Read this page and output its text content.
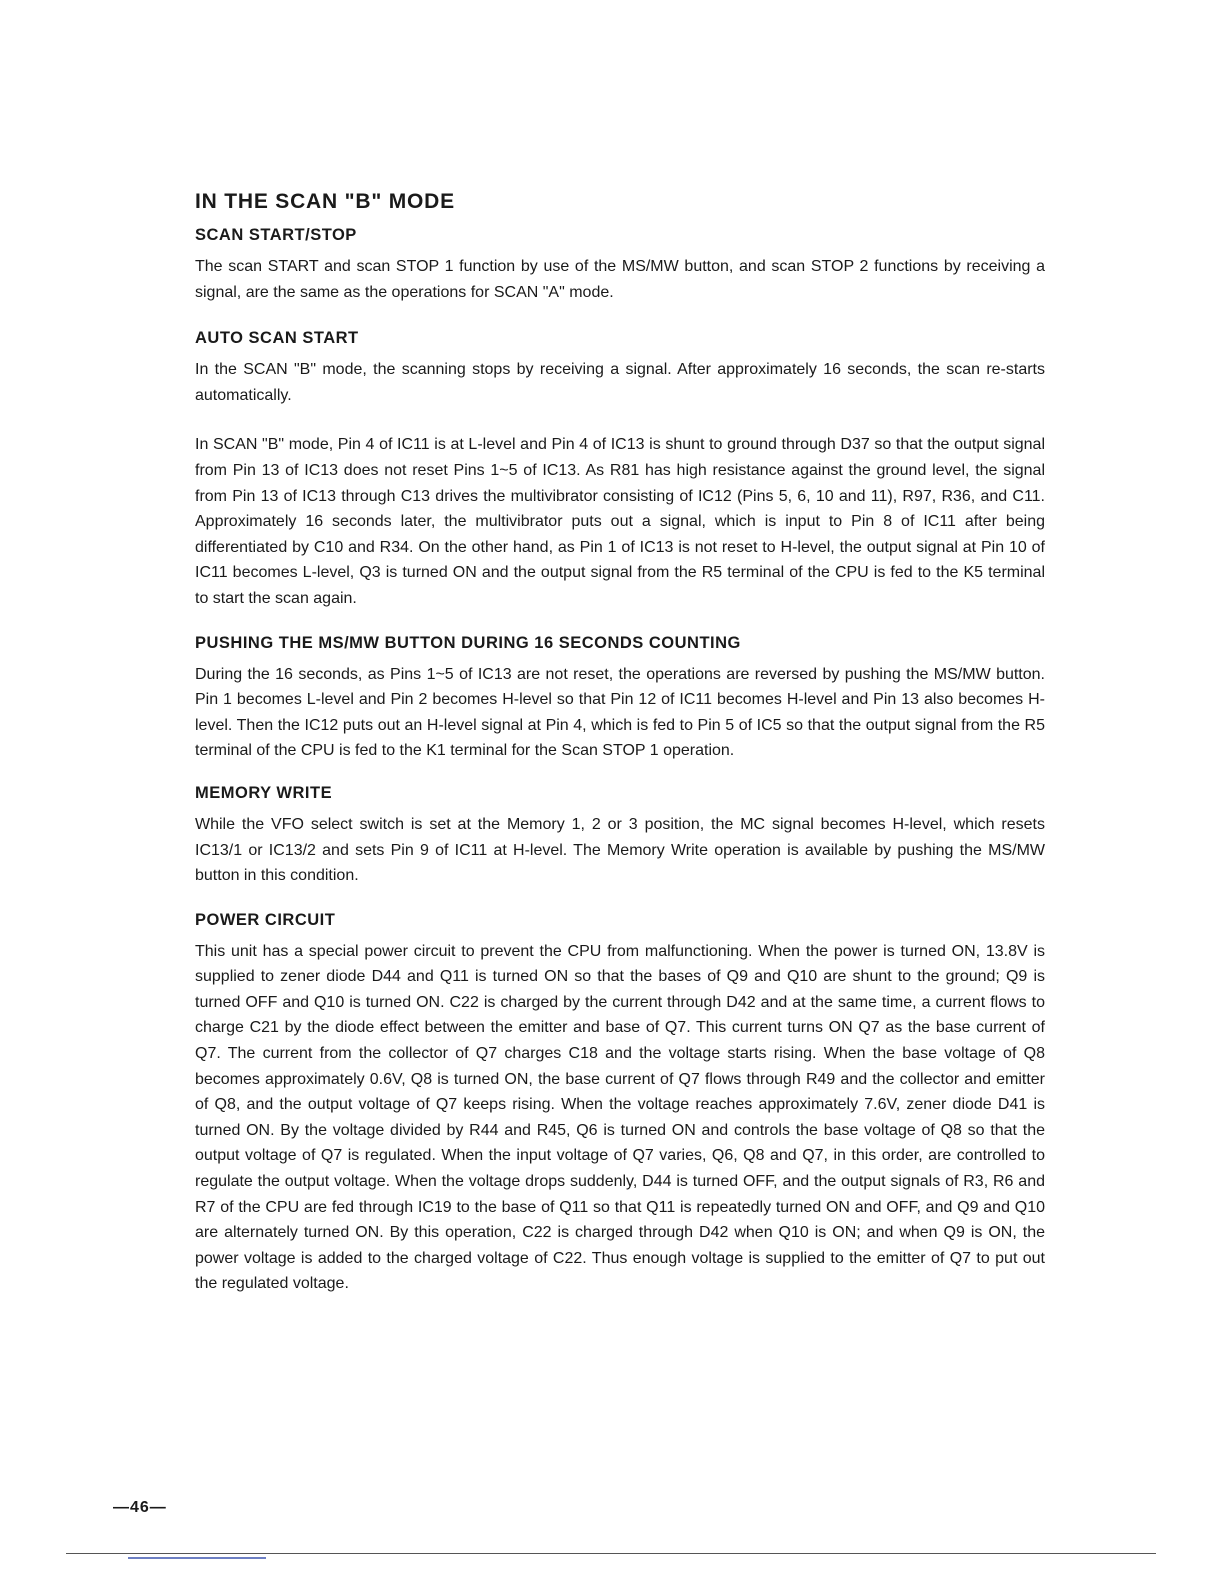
IN THE SCAN "B" MODE
SCAN START/STOP

The scan START and scan STOP 1 function by use of the MS/MW button, and scan STOP 2 functions by receiving a signal, are the same as the operations for SCAN "A" mode.

AUTO SCAN START

In the SCAN "B" mode, the scanning stops by receiving a signal. After approximately 16 seconds, the scan re-starts automatically.

In SCAN "B" mode, Pin 4 of IC11 is at L-level and Pin 4 of IC13 is shunt to ground through D37 so that the output signal from Pin 13 of IC13 does not reset Pins 1~5 of IC13. As R81 has high resistance against the ground level, the signal from Pin 13 of IC13 through C13 drives the multivibrator consisting of IC12 (Pins 5, 6, 10 and 11), R97, R36, and C11. Approximately 16 seconds later, the multivibrator puts out a signal, which is input to Pin 8 of IC11 after being differentiated by C10 and R34. On the other hand, as Pin 1 of IC13 is not reset to H-level, the output signal at Pin 10 of IC11 becomes L-level, Q3 is turned ON and the output signal from the R5 terminal of the CPU is fed to the K5 terminal to start the scan again.

PUSHING THE MS/MW BUTTON DURING 16 SECONDS COUNTING

During the 16 seconds, as Pins 1~5 of IC13 are not reset, the operations are reversed by pushing the MS/MW button. Pin 1 becomes L-level and Pin 2 becomes H-level so that Pin 12 of IC11 becomes H-level and Pin 13 also becomes H-level. Then the IC12 puts out an H-level signal at Pin 4, which is fed to Pin 5 of IC5 so that the output signal from the R5 terminal of the CPU is fed to the K1 terminal for the Scan STOP 1 operation.

MEMORY WRITE

While the VFO select switch is set at the Memory 1, 2 or 3 position, the MC signal becomes H-level, which resets IC13/1 or IC13/2 and sets Pin 9 of IC11 at H-level. The Memory Write operation is available by pushing the MS/MW button in this condition.

POWER CIRCUIT

This unit has a special power circuit to prevent the CPU from malfunctioning. When the power is turned ON, 13.8V is supplied to zener diode D44 and Q11 is turned ON so that the bases of Q9 and Q10 are shunt to the ground; Q9 is turned OFF and Q10 is turned ON. C22 is charged by the current through D42 and at the same time, a current flows to charge C21 by the diode effect between the emitter and base of Q7. This current turns ON Q7 as the base current of Q7. The current from the collector of Q7 charges C18 and the voltage starts rising. When the base voltage of Q8 becomes approximately 0.6V, Q8 is turned ON, the base current of Q7 flows through R49 and the collector and emitter of Q8, and the output voltage of Q7 keeps rising. When the voltage reaches approximately 7.6V, zener diode D41 is turned ON. By the voltage divided by R44 and R45, Q6 is turned ON and controls the base voltage of Q8 so that the output voltage of Q7 is regulated. When the input voltage of Q7 varies, Q6, Q8 and Q7, in this order, are controlled to regulate the output voltage. When the voltage drops suddenly, D44 is turned OFF, and the output signals of R3, R6 and R7 of the CPU are fed through IC19 to the base of Q11 so that Q11 is repeatedly turned ON and OFF, and Q9 and Q10 are alternately turned ON. By this operation, C22 is charged through D42 when Q10 is ON; and when Q9 is ON, the power voltage is added to the charged voltage of C22. Thus enough voltage is supplied to the emitter of Q7 to put out the regulated voltage.

—46—
